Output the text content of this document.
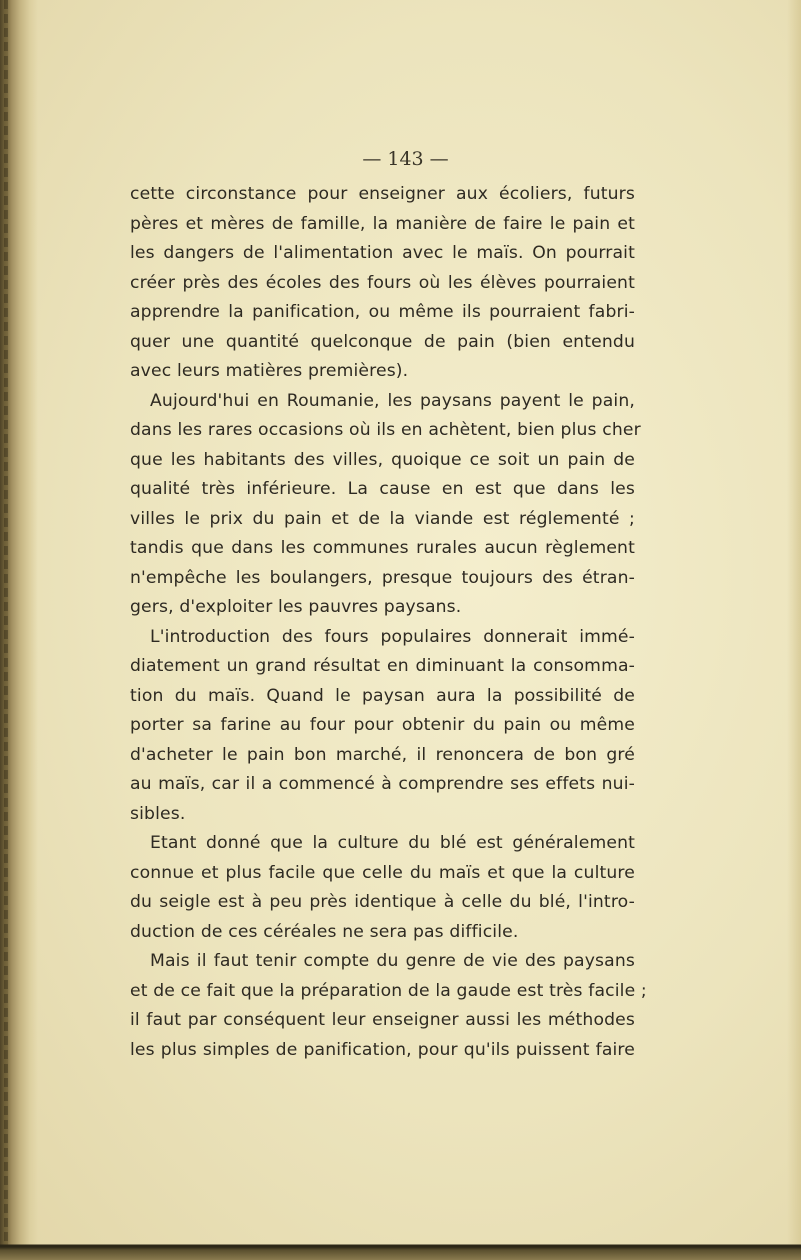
— 143 —

cette circonstance pour enseigner aux écoliers, futurs
pères et mères de famille, la manière de faire le pain et
les dangers de l'alimentation avec le maïs. On pourrait
créer près des écoles des fours où les élèves pourraient
apprendre la panification, ou même ils pourraient fabri-
quer une quantité quelconque de pain (bien entendu
avec leurs matières premières).
Aujourd'hui en Roumanie, les paysans payent le pain,
dans les rares occasions où ils en achètent, bien plus cher
que les habitants des villes, quoique ce soit un pain de
qualité très inférieure. La cause en est que dans les
villes le prix du pain et de la viande est réglementé ;
tandis que dans les communes rurales aucun règlement
n'empêche les boulangers, presque toujours des étran-
gers, d'exploiter les pauvres paysans.
L'introduction des fours populaires donnerait immé-
diatement un grand résultat en diminuant la consomma-
tion du maïs. Quand le paysan aura la possibilité de
porter sa farine au four pour obtenir du pain ou même
d'acheter le pain bon marché, il renoncera de bon gré
au maïs, car il a commencé à comprendre ses effets nui-
sibles.
Etant donné que la culture du blé est généralement
connue et plus facile que celle du maïs et que la culture
du seigle est à peu près identique à celle du blé, l'intro-
duction de ces céréales ne sera pas difficile.
Mais il faut tenir compte du genre de vie des paysans
et de ce fait que la préparation de la gaude est très facile ;
il faut par conséquent leur enseigner aussi les méthodes
les plus simples de panification, pour qu'ils puissent faire
